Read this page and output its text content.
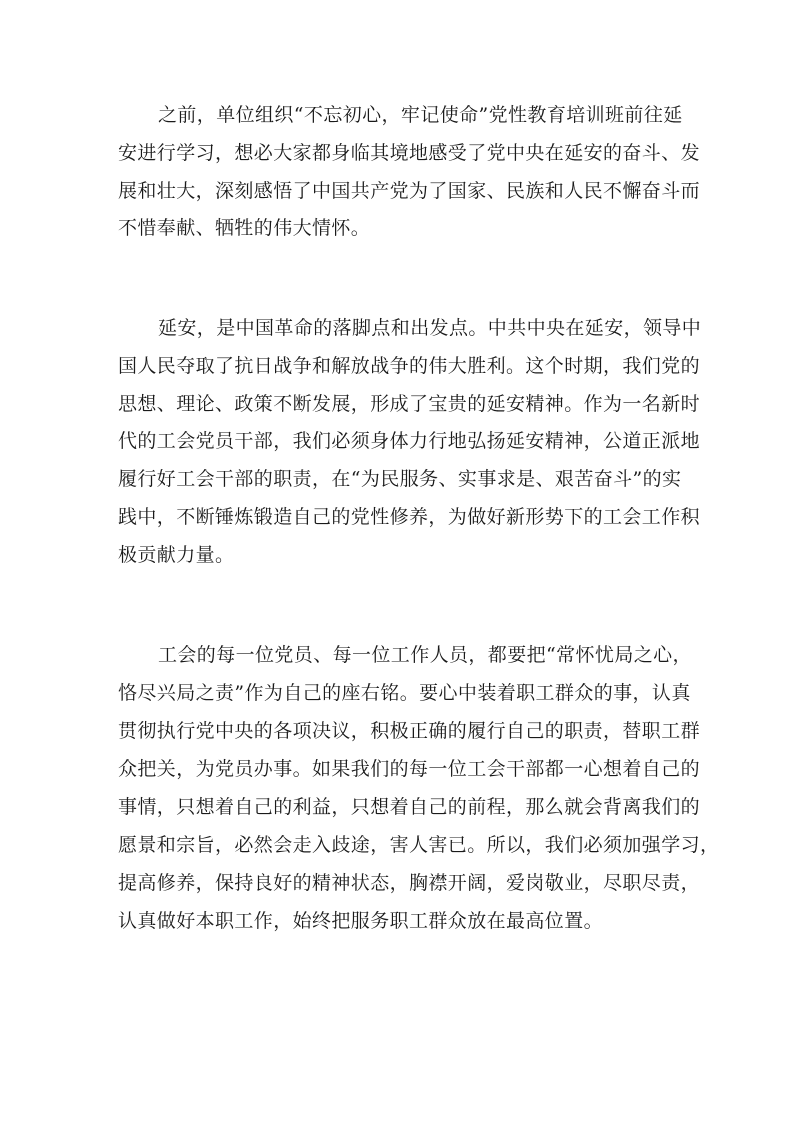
之前，单位组织“不忘初心，牢记使命”党性教育培训班前往延

安进行学习，想必大家都身临其境地感受了党中央在延安的奋斗、发

展和壮大，深刻感悟了中国共产党为了国家、民族和人民不懈奋斗而

不惜奉献、牺牲的伟大情怀。

延安，是中国革命的落脚点和出发点。中共中央在延安，领导中

国人民夺取了抗日战争和解放战争的伟大胜利。这个时期，我们党的

思想、理论、政策不断发展，形成了宝贵的延安精神。作为一名新时

代的工会党员干部，我们必须身体力行地弘扬延安精神，公道正派地

履行好工会干部的职责，在“为民服务、实事求是、艰苦奋斗”的实

践中，不断锤炼锻造自己的党性修养，为做好新形势下的工会工作积

极贡献力量。

工会的每一位党员、每一位工作人员，都要把“常怀忧局之心，

恪尽兴局之责”作为自己的座右铭。要心中装着职工群众的事，认真

贯彻执行党中央的各项决议，积极正确的履行自己的职责，替职工群

众把关，为党员办事。如果我们的每一位工会干部都一心想着自己的

事情，只想着自己的利益，只想着自己的前程，那么就会背离我们的

愿景和宗旨，必然会走入歧途，害人害已。所以，我们必须加强学习，

提高修养，保持良好的精神状态，胸襟开阔，爱岗敬业，尽职尽责，

认真做好本职工作，始终把服务职工群众放在最高位置。
